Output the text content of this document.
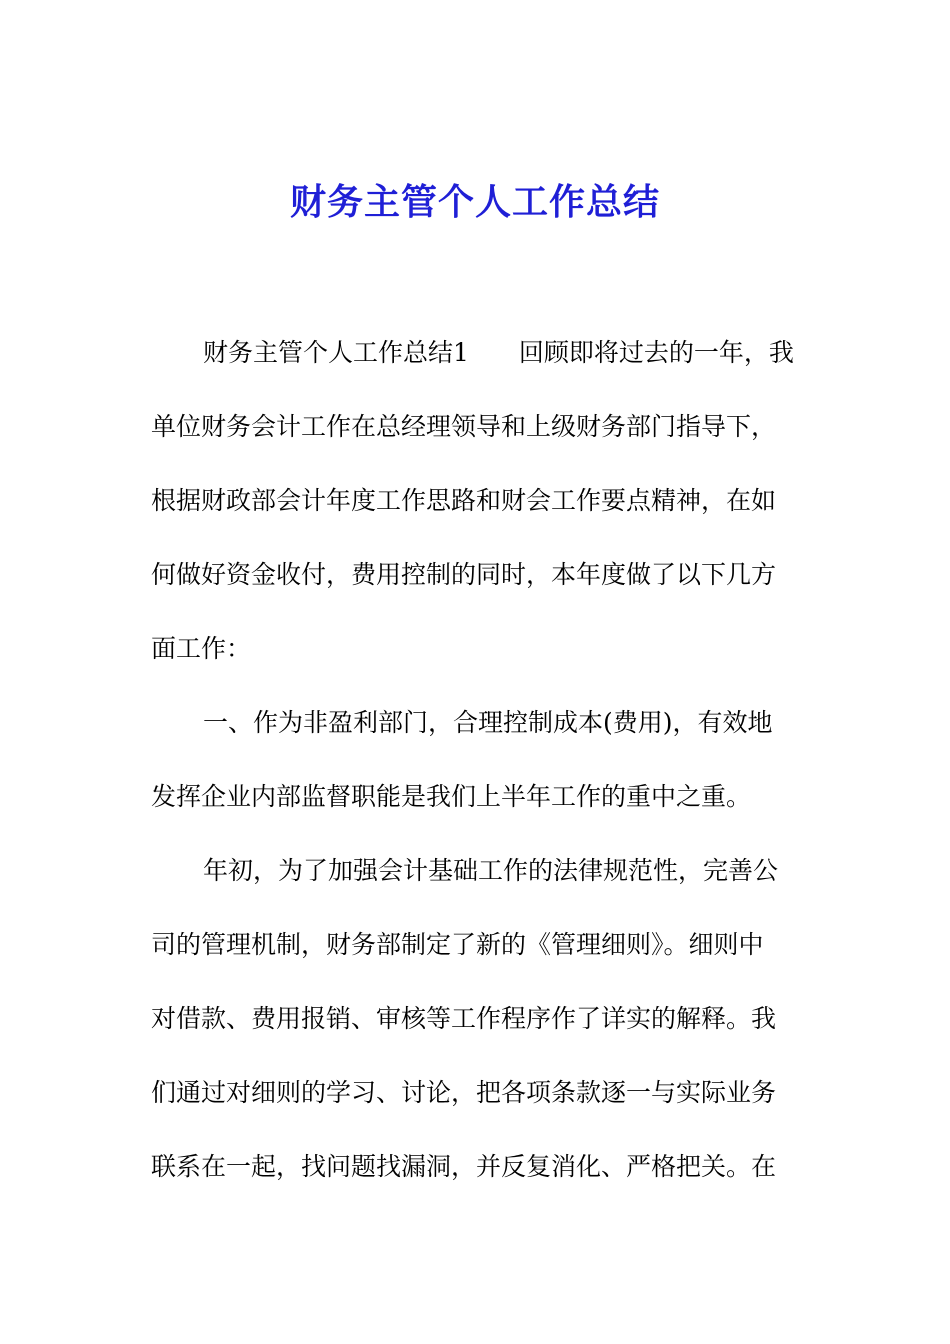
财务主管个人工作总结
财务主管个人工作总结1　　回顾即将过去的一年，我
单位财务会计工作在总经理领导和上级财务部门指导下，
根据财政部会计年度工作思路和财会工作要点精神，在如
何做好资金收付，费用控制的同时，本年度做了以下几方
面工作：
一、作为非盈利部门，合理控制成本(费用)，有效地
发挥企业内部监督职能是我们上半年工作的重中之重。
年初，为了加强会计基础工作的法律规范性，完善公
司的管理机制，财务部制定了新的《管理细则》。细则中
对借款、费用报销、审核等工作程序作了详实的解释。我
们通过对细则的学习、讨论，把各项条款逐一与实际业务
联系在一起，找问题找漏洞，并反复消化、严格把关。在
